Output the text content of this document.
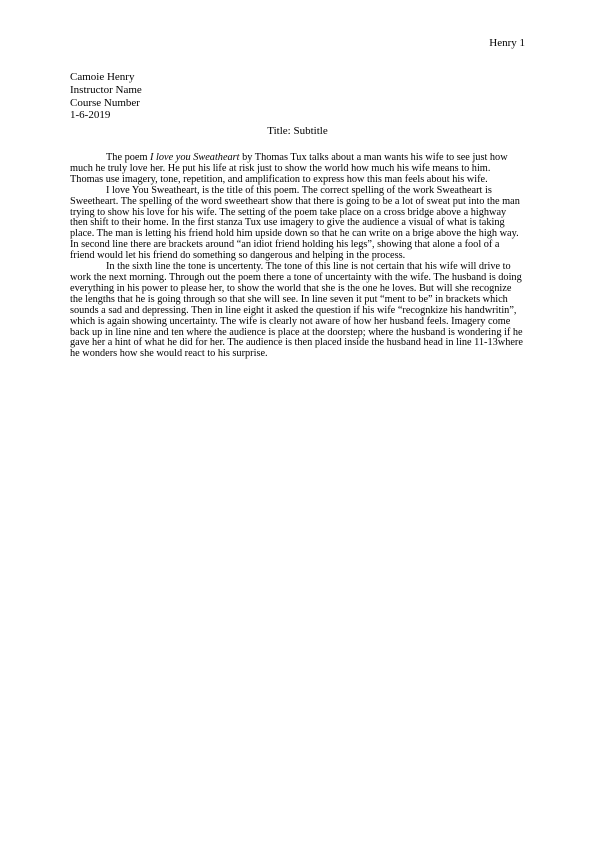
Henry 1
Camoie Henry
Instructor Name
Course Number
1-6-2019
Title: Subtitle

The poem I love you Sweatheart by Thomas Tux talks about a man wants his wife to see just how much he truly love her. He put his life at risk just to show the world how much his wife means to him. Thomas use imagery, tone, repetition, and amplification to express how this man feels about his wife.

I love You Sweatheart, is the title of this poem. The correct spelling of the work Sweatheart is Sweetheart. The spelling of the word sweetheart show that there is going to be a lot of sweat put into the man trying to show his love for his wife. The setting of the poem take place on a cross bridge above a highway then shift to their home. In the first stanza Tux use imagery to give the audience a visual of what is taking place. The man is letting his friend hold him upside down so that he can write on a brige above the high way. In second line there are brackets around “an idiot friend holding his legs”, showing that alone a fool of a friend would let his friend do something so dangerous and helping in the process.

In the sixth line the tone is uncertenty. The tone of this line is not certain that his wife will drive to work the next morning. Through out the poem there a tone of uncertainty with the wife. The husband is doing everything in his power to please her, to show the world that she is the one he loves. But will she recognize the lengths that he is going through so that she will see. In line seven it put “ment to be” in brackets which sounds a sad and depressing. Then in line eight it asked the question if his wife “recognkize his handwritin”, which is again showing uncertainty. The wife is clearly not aware of how her husband feels. Imagery come back up in line nine and ten where the audience is place at the doorstep; where the husband is wondering if he gave her a hint of what he did for her. The audience is then placed inside the husband head in line 11-13where he wonders how she would react to his surprise.
